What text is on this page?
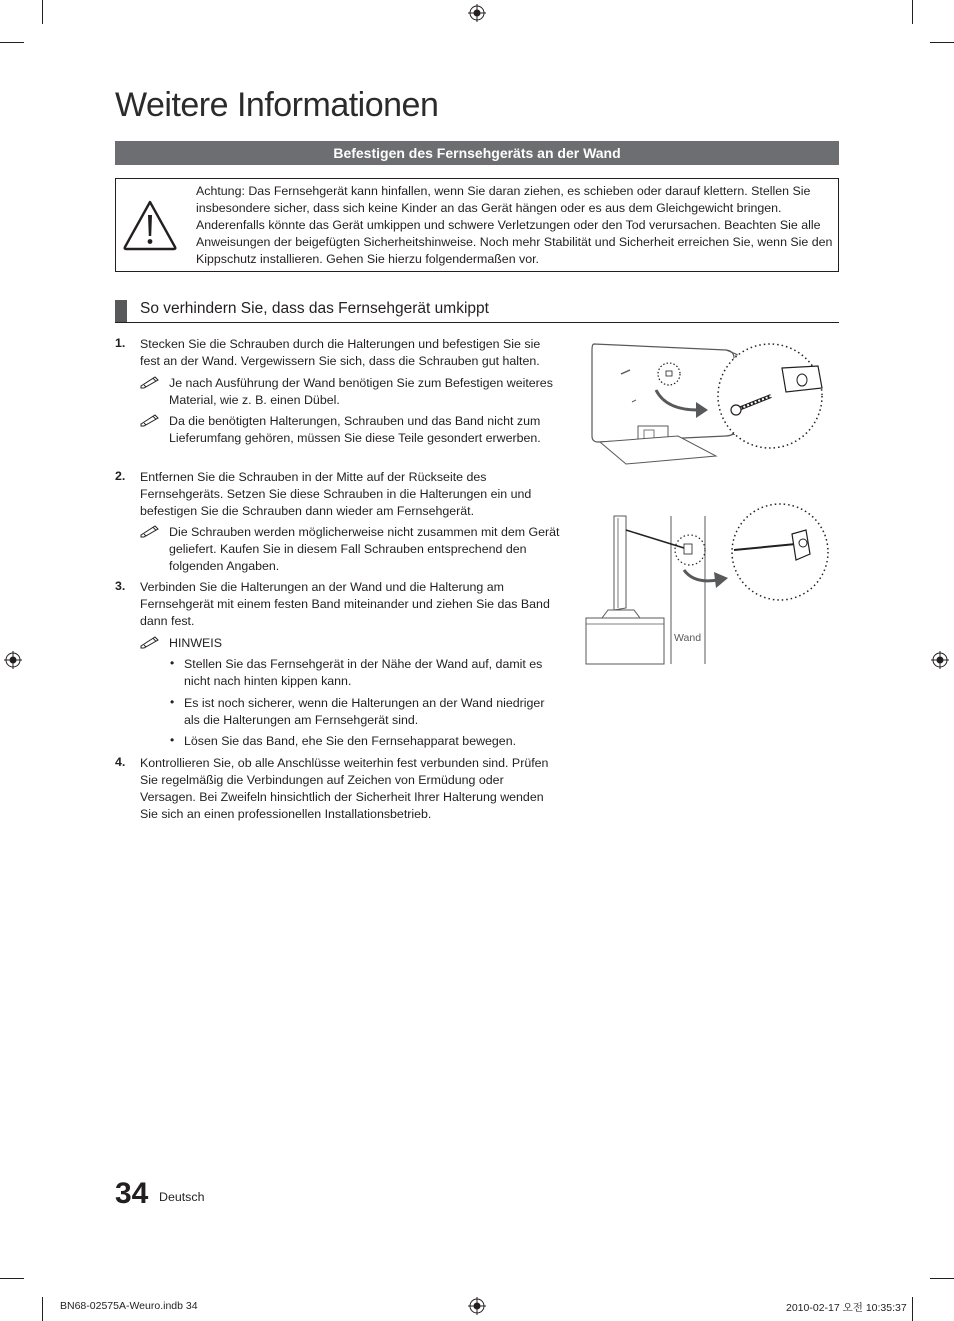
Weitere Informationen
Befestigen des Fernsehgeräts an der Wand
Achtung: Das Fernsehgerät kann hinfallen, wenn Sie daran ziehen, es schieben oder darauf klettern. Stellen Sie insbesondere sicher, dass sich keine Kinder an das Gerät hängen oder es aus dem Gleichgewicht bringen. Anderenfalls könnte das Gerät umkippen und schwere Verletzungen oder den Tod verursachen. Beachten Sie alle Anweisungen der beigefügten Sicherheitshinweise. Noch mehr Stabilität und Sicherheit erreichen Sie, wenn Sie den Kippschutz installieren. Gehen Sie hierzu folgendermaßen vor.
So verhindern Sie, dass das Fernsehgerät umkippt
1. Stecken Sie die Schrauben durch die Halterungen und befestigen Sie sie fest an der Wand. Vergewissern Sie sich, dass die Schrauben gut halten.
Je nach Ausführung der Wand benötigen Sie zum Befestigen weiteres Material, wie z. B. einen Dübel.
Da die benötigten Halterungen, Schrauben und das Band nicht zum Lieferumfang gehören, müssen Sie diese Teile gesondert erwerben.
2. Entfernen Sie die Schrauben in der Mitte auf der Rückseite des Fernsehgeräts. Setzen Sie diese Schrauben in die Halterungen ein und befestigen Sie die Schrauben dann wieder am Fernsehgerät.
Die Schrauben werden möglicherweise nicht zusammen mit dem Gerät geliefert. Kaufen Sie in diesem Fall Schrauben entsprechend den folgenden Angaben.
3. Verbinden Sie die Halterungen an der Wand und die Halterung am Fernsehgerät mit einem festen Band miteinander und ziehen Sie das Band dann fest.
HINWEIS
• Stellen Sie das Fernsehgerät in der Nähe der Wand auf, damit es nicht nach hinten kippen kann.
• Es ist noch sicherer, wenn die Halterungen an der Wand niedriger als die Halterungen am Fernsehgerät sind.
• Lösen Sie das Band, ehe Sie den Fernsehapparat bewegen.
4. Kontrollieren Sie, ob alle Anschlüsse weiterhin fest verbunden sind. Prüfen Sie regelmäßig die Verbindungen auf Zeichen von Ermüdung oder Versagen. Bei Zweifeln hinsichtlich der Sicherheit Ihrer Halterung wenden Sie sich an einen professionellen Installationsbetrieb.
Wand
34 Deutsch
BN68-02575A-Weuro.indb 34	2010-02-17 오전 10:35:37
